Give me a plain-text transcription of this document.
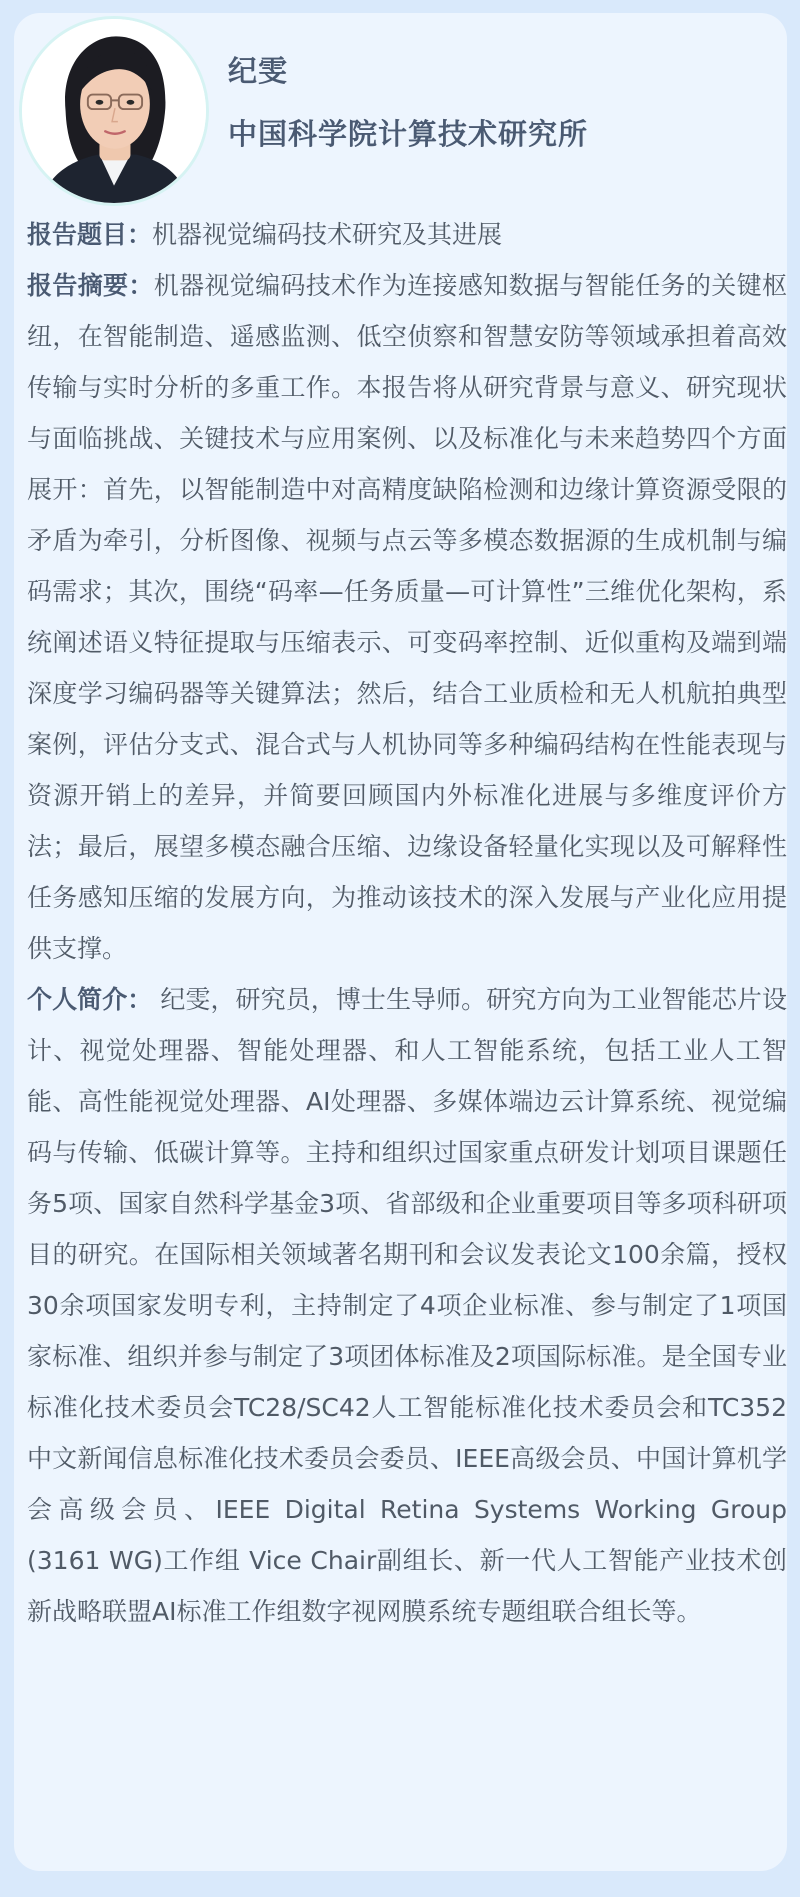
纪雯
中国科学院计算技术研究所

报告题目：机器视觉编码技术研究及其进展

报告摘要：机器视觉编码技术作为连接感知数据与智能任务的关键枢纽，在智能制造、遥感监测、低空侦察和智慧安防等领域承担着高效传输与实时分析的多重工作。本报告将从研究背景与意义、研究现状与面临挑战、关键技术与应用案例、以及标准化与未来趋势四个方面展开：首先，以智能制造中对高精度缺陷检测和边缘计算资源受限的矛盾为牵引，分析图像、视频与点云等多模态数据源的生成机制与编码需求；其次，围绕“码率—任务质量—可计算性”三维优化架构，系统阐述语义特征提取与压缩表示、可变码率控制、近似重构及端到端深度学习编码器等关键算法；然后，结合工业质检和无人机航拍典型案例，评估分支式、混合式与人机协同等多种编码结构在性能表现与资源开销上的差异，并简要回顾国内外标准化进展与多维度评价方法；最后，展望多模态融合压缩、边缘设备轻量化实现以及可解释性任务感知压缩的发展方向，为推动该技术的深入发展与产业化应用提供支撑。

个人简介： 纪雯，研究员，博士生导师。研究方向为工业智能芯片设计、视觉处理器、智能处理器、和人工智能系统，包括工业人工智能、高性能视觉处理器、AI处理器、多媒体端边云计算系统、视觉编码与传输、低碳计算等。主持和组织过国家重点研发计划项目课题任务5项、国家自然科学基金3项、省部级和企业重要项目等多项科研项目的研究。在国际相关领域著名期刊和会议发表论文100余篇，授权30余项国家发明专利，主持制定了4项企业标准、参与制定了1项国家标准、组织并参与制定了3项团体标准及2项国际标准。是全国专业标准化技术委员会TC28/SC42人工智能标准化技术委员会和TC352中文新闻信息标准化技术委员会委员、IEEE高级会员、中国计算机学会高级会员、IEEE Digital Retina Systems Working Group (3161 WG)工作组 Vice Chair副组长、新一代人工智能产业技术创新战略联盟AI标准工作组数字视网膜系统专题组联合组长等。
